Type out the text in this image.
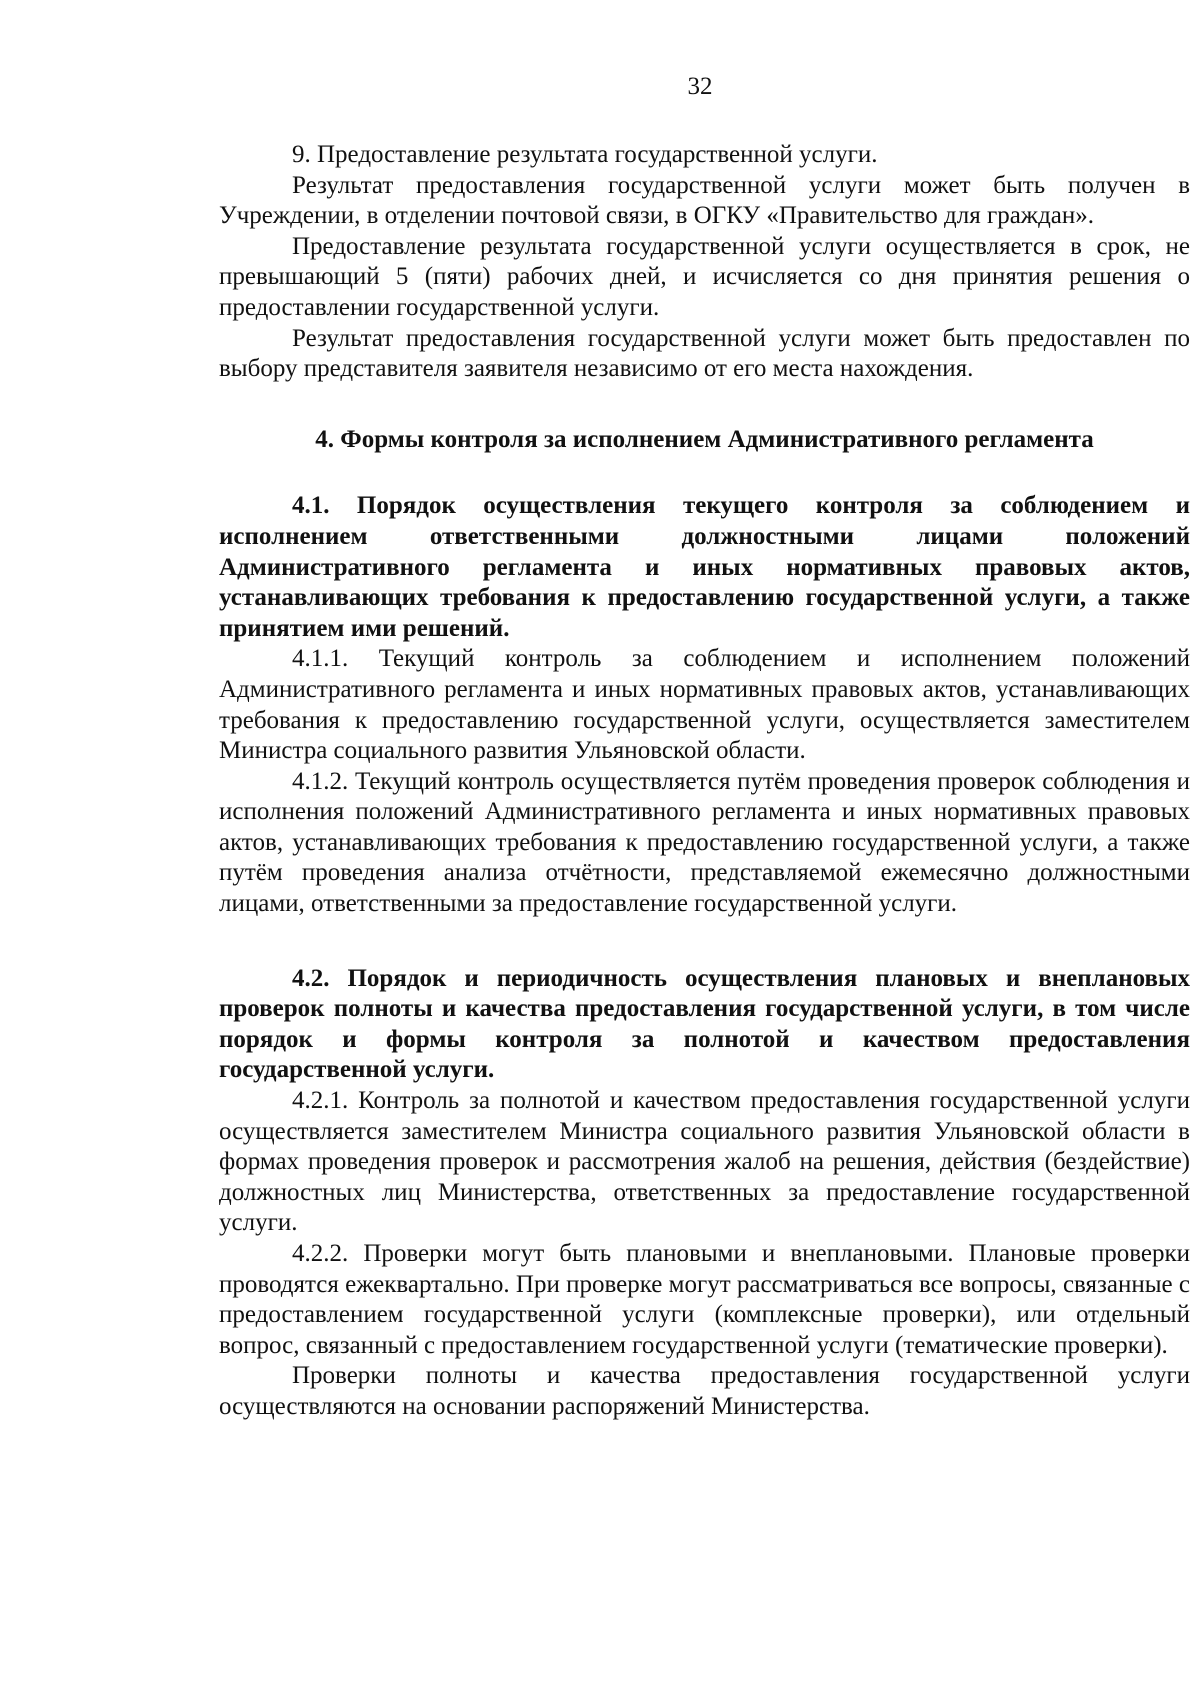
32

9. Предоставление результата государственной услуги.

Результат предоставления государственной услуги может быть получен в Учреждении, в отделении почтовой связи, в ОГКУ «Правительство для граждан».

Предоставление результата государственной услуги осуществляется в срок, не превышающий 5 (пяти) рабочих дней, и исчисляется со дня принятия решения о предоставлении государственной услуги.

Результат предоставления государственной услуги может быть предоставлен по выбору представителя заявителя независимо от его места нахождения.

4. Формы контроля за исполнением Административного регламента

4.1. Порядок осуществления текущего контроля за соблюдением и исполнением ответственными должностными лицами положений Административного регламента и иных нормативных правовых актов, устанавливающих требования к предоставлению государственной услуги, а также принятием ими решений.

4.1.1. Текущий контроль за соблюдением и исполнением положений Административного регламента и иных нормативных правовых актов, устанавливающих требования к предоставлению государственной услуги, осуществляется заместителем Министра социального развития Ульяновской области.

4.1.2. Текущий контроль осуществляется путём проведения проверок соблюдения и исполнения положений Административного регламента и иных нормативных правовых актов, устанавливающих требования к предоставлению государственной услуги, а также путём проведения анализа отчётности, представляемой ежемесячно должностными лицами, ответственными за предоставление государственной услуги.

4.2. Порядок и периодичность осуществления плановых и внеплановых проверок полноты и качества предоставления государственной услуги, в том числе порядок и формы контроля за полнотой и качеством предоставления государственной услуги.

4.2.1. Контроль за полнотой и качеством предоставления государственной услуги осуществляется заместителем Министра социального развития Ульяновской области в формах проведения проверок и рассмотрения жалоб на решения, действия (бездействие) должностных лиц Министерства, ответственных за предоставление государственной услуги.

4.2.2. Проверки могут быть плановыми и внеплановыми. Плановые проверки проводятся ежеквартально. При проверке могут рассматриваться все вопросы, связанные с предоставлением государственной услуги (комплексные проверки), или отдельный вопрос, связанный с предоставлением государственной услуги (тематические проверки).

Проверки полноты и качества предоставления государственной услуги осуществляются на основании распоряжений Министерства.
